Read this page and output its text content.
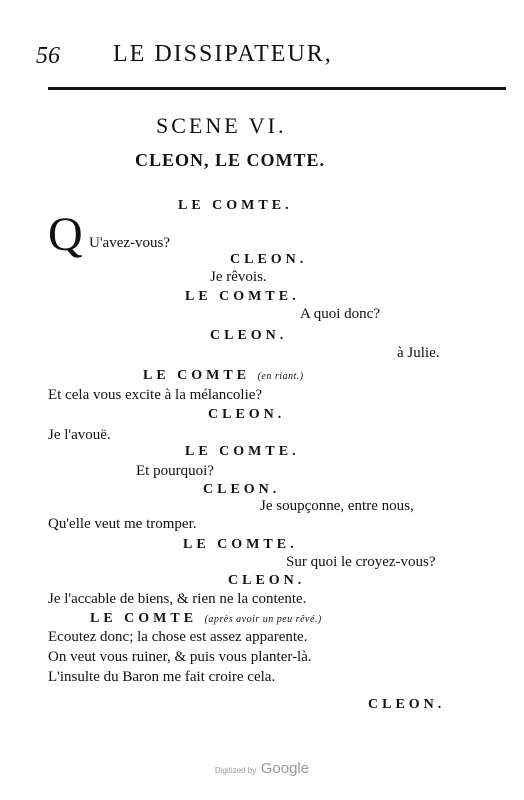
56 LE DISSIPATEUR,
SCENE VI.
CLEON, LE COMTE.
LE COMTE.
Q U'avez-vous?
CLEON.
Je rêvois.
LE COMTE.
A quoi donc?
CLEON.
à Julie.
LE COMTE (en riant.)
Et cela vous excite à la mélancolie?
CLEON.
Je l'avouë.
LE COMTE.
Et pourquoi?
CLEON.
Je soupçonne, entre nous,
Qu'elle veut me tromper.
LE COMTE.
Sur quoi le croyez-vous?
CLEON.
Je l'accable de biens, & rien ne la contente.
LE COMTE (après avoir un peu rêvé.)
Ecoutez donc; la chose est assez apparente.
On veut vous ruiner, & puis vous planter-là.
L'insulte du Baron me fait croire cela.
CLEON.
Digitized by Google
